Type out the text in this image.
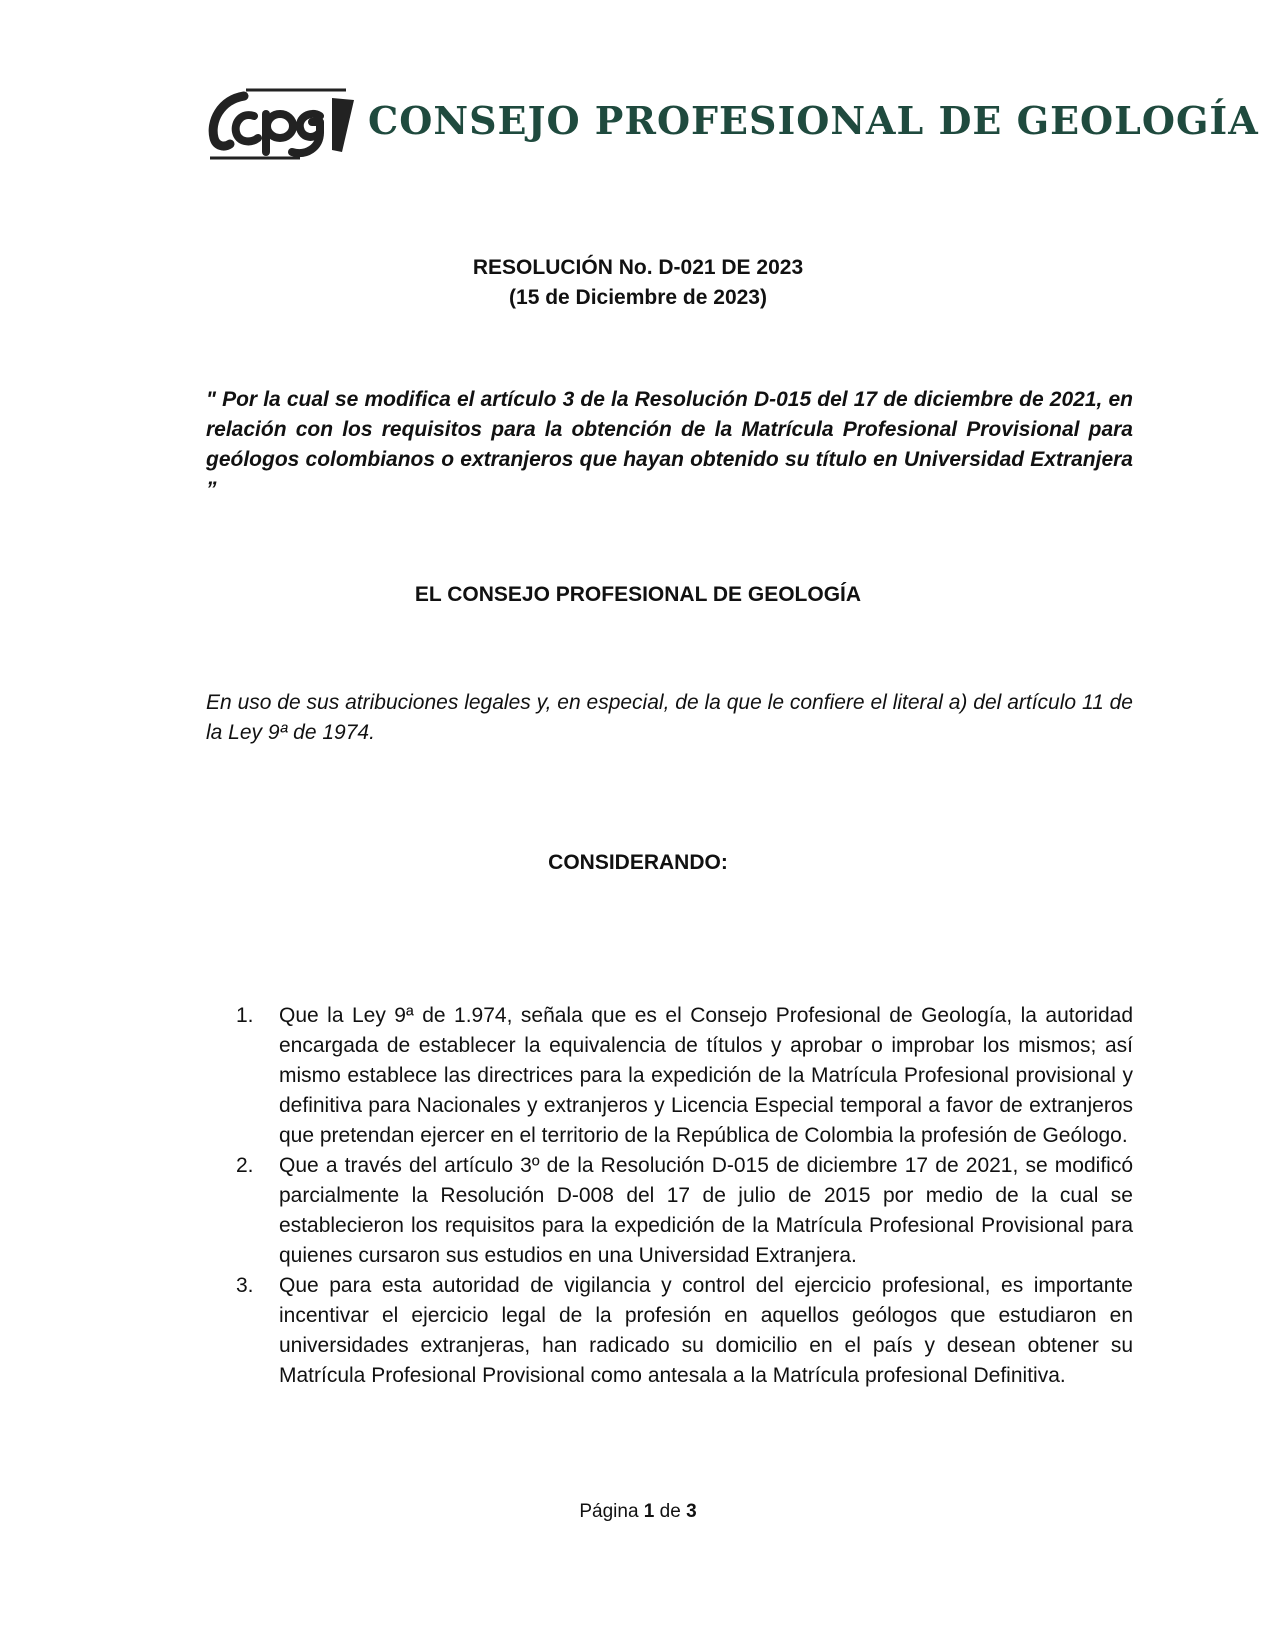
CONSEJO PROFESIONAL DE GEOLOGÍA
RESOLUCIÓN No. D-021 DE 2023
(15 de Diciembre de 2023)
" Por la cual se modifica el artículo 3 de la Resolución D-015 del 17 de diciembre de 2021, en relación con los requisitos para la obtención de la Matrícula Profesional Provisional para geólogos colombianos o extranjeros que hayan obtenido su título en Universidad Extranjera ”
EL CONSEJO PROFESIONAL DE GEOLOGÍA
En uso de sus atribuciones legales y, en especial, de la que le confiere el literal a) del artículo 11 de la Ley 9ª de 1974.
CONSIDERANDO:
1. Que la Ley 9ª de 1.974, señala que es el Consejo Profesional de Geología, la autoridad encargada de establecer la equivalencia de títulos y aprobar o improbar los mismos; así mismo establece las directrices para la expedición de la Matrícula Profesional provisional y definitiva para Nacionales y extranjeros y Licencia Especial temporal a favor de extranjeros que pretendan ejercer en el territorio de la República de Colombia la profesión de Geólogo.
2. Que a través del artículo 3º de la Resolución D-015 de diciembre 17 de 2021, se modificó parcialmente la Resolución D-008 del 17 de julio de 2015 por medio de la cual se establecieron los requisitos para la expedición de la Matrícula Profesional Provisional para quienes cursaron sus estudios en una Universidad Extranjera.
3. Que para esta autoridad de vigilancia y control del ejercicio profesional, es importante incentivar el ejercicio legal de la profesión en aquellos geólogos que estudiaron en universidades extranjeras, han radicado su domicilio en el país y desean obtener su Matrícula Profesional Provisional como antesala a la Matrícula profesional Definitiva.
Página 1 de 3
